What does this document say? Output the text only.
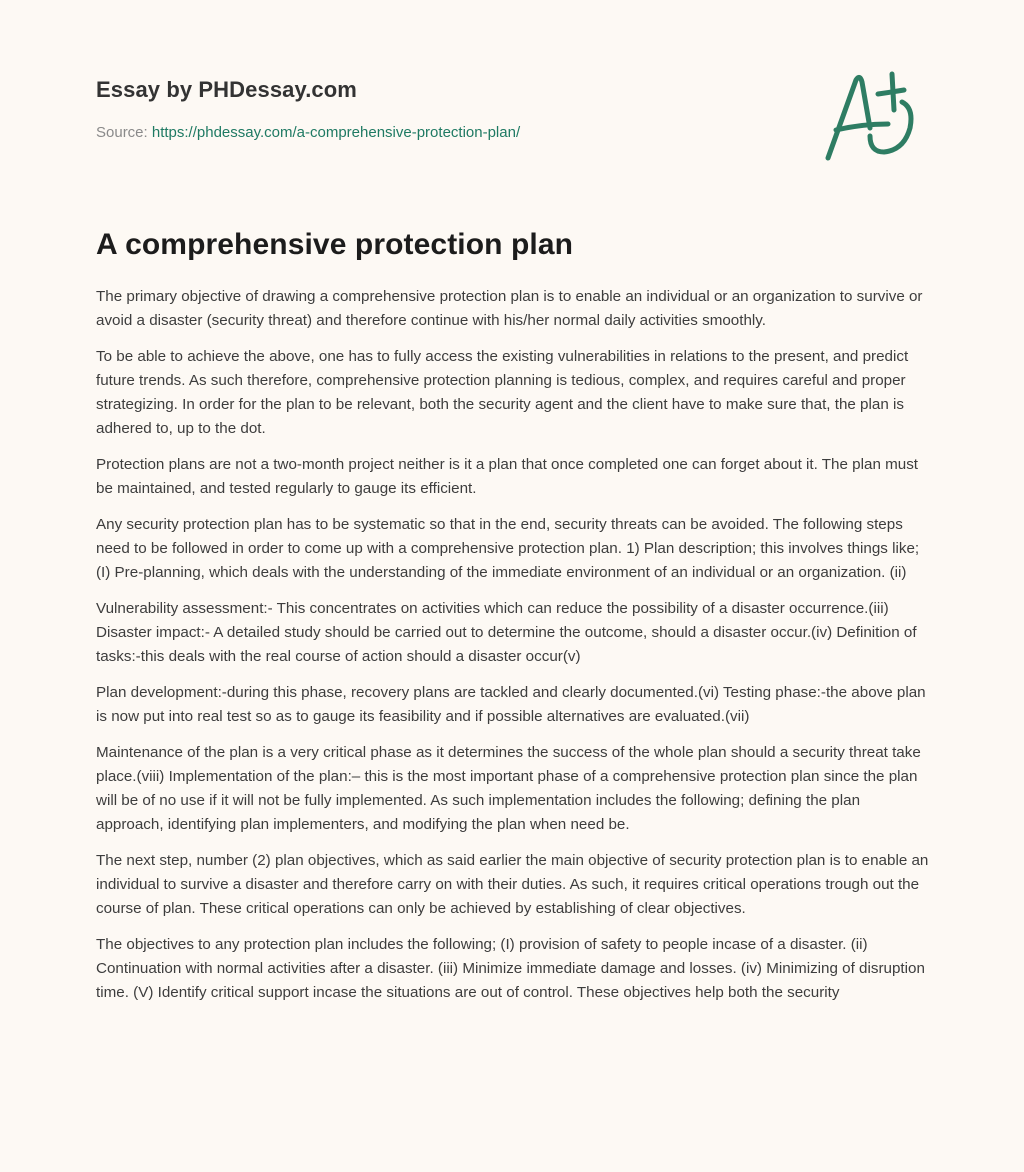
Essay by PHDessay.com
Source: https://phdessay.com/a-comprehensive-protection-plan/
A comprehensive protection plan

The primary objective of drawing a comprehensive protection plan is to enable an individual or an organization to survive or avoid a disaster (security threat) and therefore continue with his/her normal daily activities smoothly.

To be able to achieve the above, one has to fully access the existing vulnerabilities in relations to the present, and predict future trends. As such therefore, comprehensive protection planning is tedious, complex, and requires careful and proper strategizing. In order for the plan to be relevant, both the security agent and the client have to make sure that, the plan is adhered to, up to the dot.

Protection plans are not a two-month project neither is it a plan that once completed one can forget about it. The plan must be maintained, and tested regularly to gauge its efficient.

Any security protection plan has to be systematic so that in the end, security threats can be avoided. The following steps need to be followed in order to come up with a comprehensive protection plan. 1) Plan description; this involves things like; (I) Pre-planning, which deals with the understanding of the immediate environment of an individual or an organization. (ii)

Vulnerability assessment:- This concentrates on activities which can reduce the possibility of a disaster occurrence.(iii) Disaster impact:- A detailed study should be carried out to determine the outcome, should a disaster occur.(iv) Definition of tasks:-this deals with the real course of action should a disaster occur(v)

Plan development:-during this phase, recovery plans are tackled and clearly documented.(vi) Testing phase:-the above plan is now put into real test so as to gauge its feasibility and if possible alternatives are evaluated.(vii)

Maintenance of the plan is a very critical phase as it determines the success of the whole plan should a security threat take place.(viii) Implementation of the plan:– this is the most important phase of a comprehensive protection plan since the plan will be of no use if it will not be fully implemented. As such implementation includes the following; defining the plan approach, identifying plan implementers, and modifying the plan when need be.

The next step, number (2) plan objectives, which as said earlier the main objective of security protection plan is to enable an individual to survive a disaster and therefore carry on with their duties. As such, it requires critical operations trough out the course of plan. These critical operations can only be achieved by establishing of clear objectives.

The objectives to any protection plan includes the following; (I) provision of safety to people incase of a disaster. (ii) Continuation with normal activities after a disaster. (iii) Minimize immediate damage and losses. (iv) Minimizing of disruption time. (V) Identify critical support incase the situations are out of control. These objectives help both the security
